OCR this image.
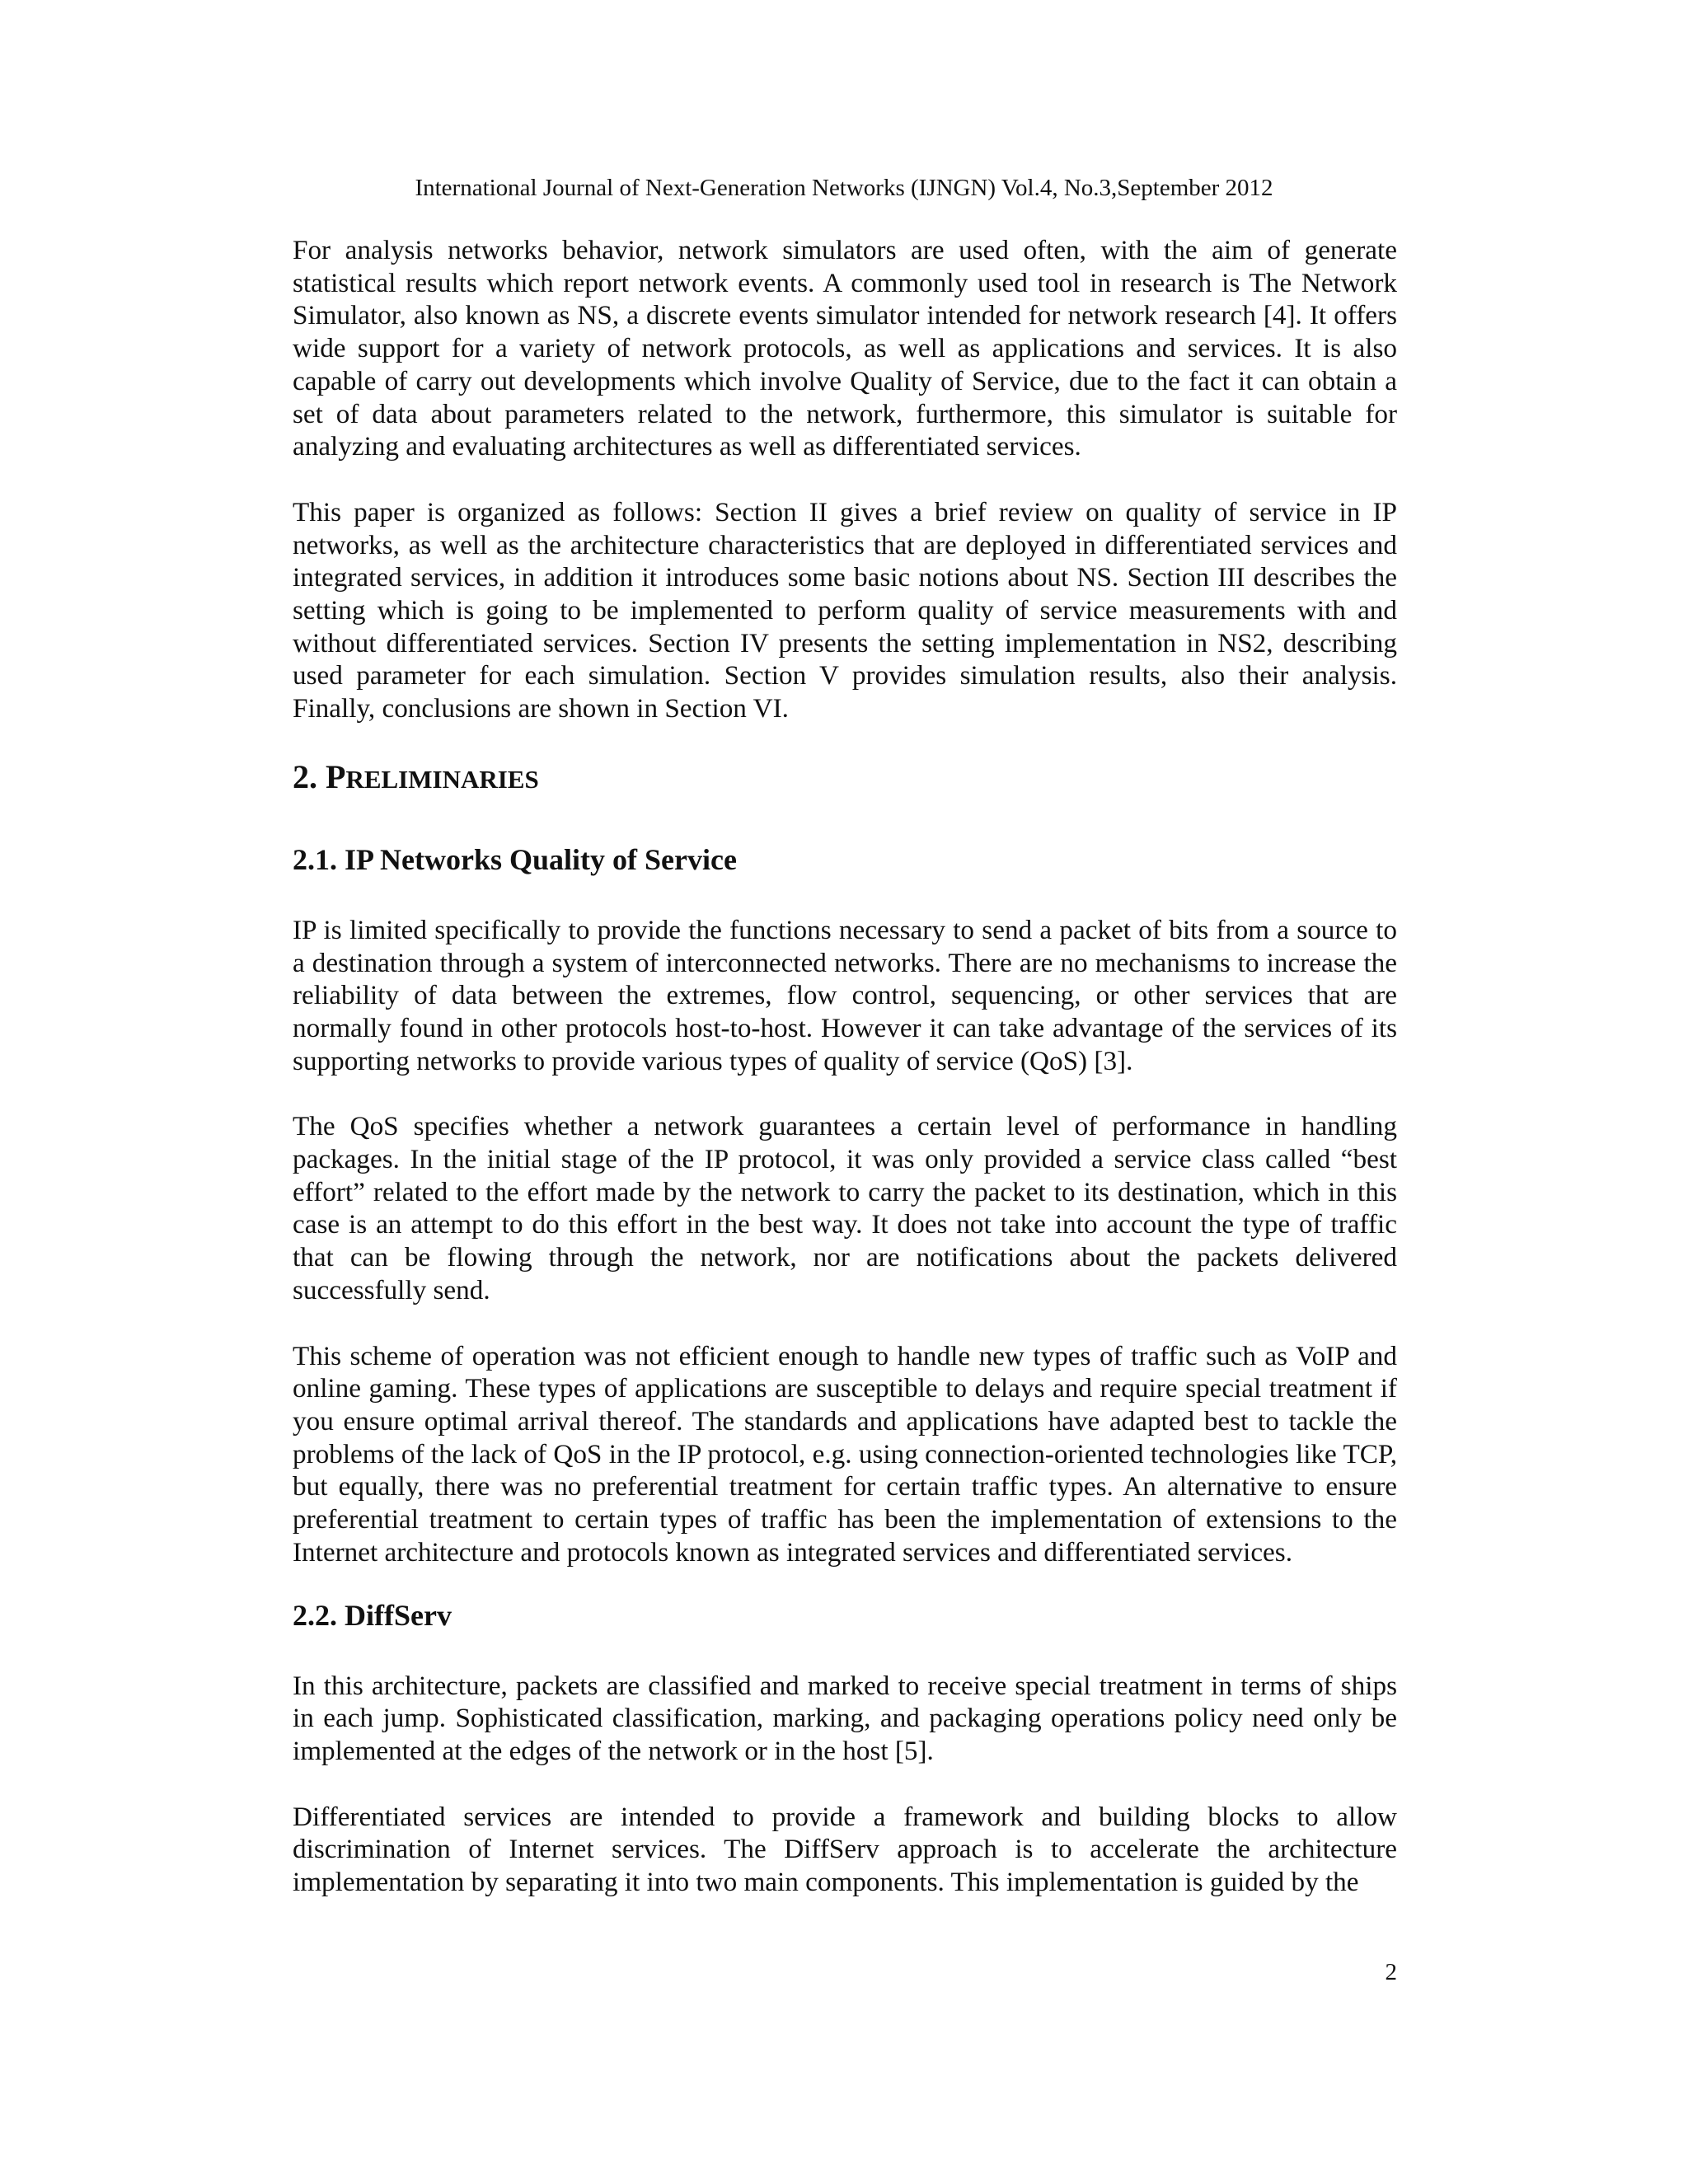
International Journal of Next-Generation Networks (IJNGN) Vol.4, No.3,September 2012

For analysis networks behavior, network simulators are used often, with the aim of generate statistical results which report network events. A commonly used tool in research is The Network Simulator, also known as NS, a discrete events simulator intended for network research [4]. It offers wide support for a variety of network protocols, as well as applications and services. It is also capable of carry out developments which involve Quality of Service, due to the fact it can obtain a set of data about parameters related to the network, furthermore, this simulator is suitable for analyzing and evaluating architectures as well as differentiated services.

This paper is organized as follows: Section II gives a brief review on quality of service in IP networks, as well as the architecture characteristics that are deployed in differentiated services and integrated services, in addition it introduces some basic notions about NS. Section III describes the setting which is going to be implemented to perform quality of service measurements with and without differentiated services. Section IV presents the setting implementation in NS2, describing used parameter for each simulation. Section V provides simulation results, also their analysis. Finally, conclusions are shown in Section VI.

2. PRELIMINARIES
2.1. IP Networks Quality of Service

IP is limited specifically to provide the functions necessary to send a packet of bits from a source to a destination through a system of interconnected networks. There are no mechanisms to increase the reliability of data between the extremes, flow control, sequencing, or other services that are normally found in other protocols host-to-host. However it can take advantage of the services of its supporting networks to provide various types of quality of service (QoS) [3].

The QoS specifies whether a network guarantees a certain level of performance in handling packages. In the initial stage of the IP protocol, it was only provided a service class called “best effort” related to the effort made by the network to carry the packet to its destination, which in this case is an attempt to do this effort in the best way. It does not take into account the type of traffic that can be flowing through the network, nor are notifications about the packets delivered successfully send.

This scheme of operation was not efficient enough to handle new types of traffic such as VoIP and online gaming. These types of applications are susceptible to delays and require special treatment if you ensure optimal arrival thereof. The standards and applications have adapted best to tackle the problems of the lack of QoS in the IP protocol, e.g. using connection-oriented technologies like TCP, but equally, there was no preferential treatment for certain traffic types. An alternative to ensure preferential treatment to certain types of traffic has been the implementation of extensions to the Internet architecture and protocols known as integrated services and differentiated services.

2.2. DiffServ

In this architecture, packets are classified and marked to receive special treatment in terms of ships in each jump. Sophisticated classification, marking, and packaging operations policy need only be implemented at the edges of the network or in the host [5].

Differentiated services are intended to provide a framework and building blocks to allow discrimination of Internet services. The DiffServ approach is to accelerate the architecture implementation by separating it into two main components. This implementation is guided by the

2
